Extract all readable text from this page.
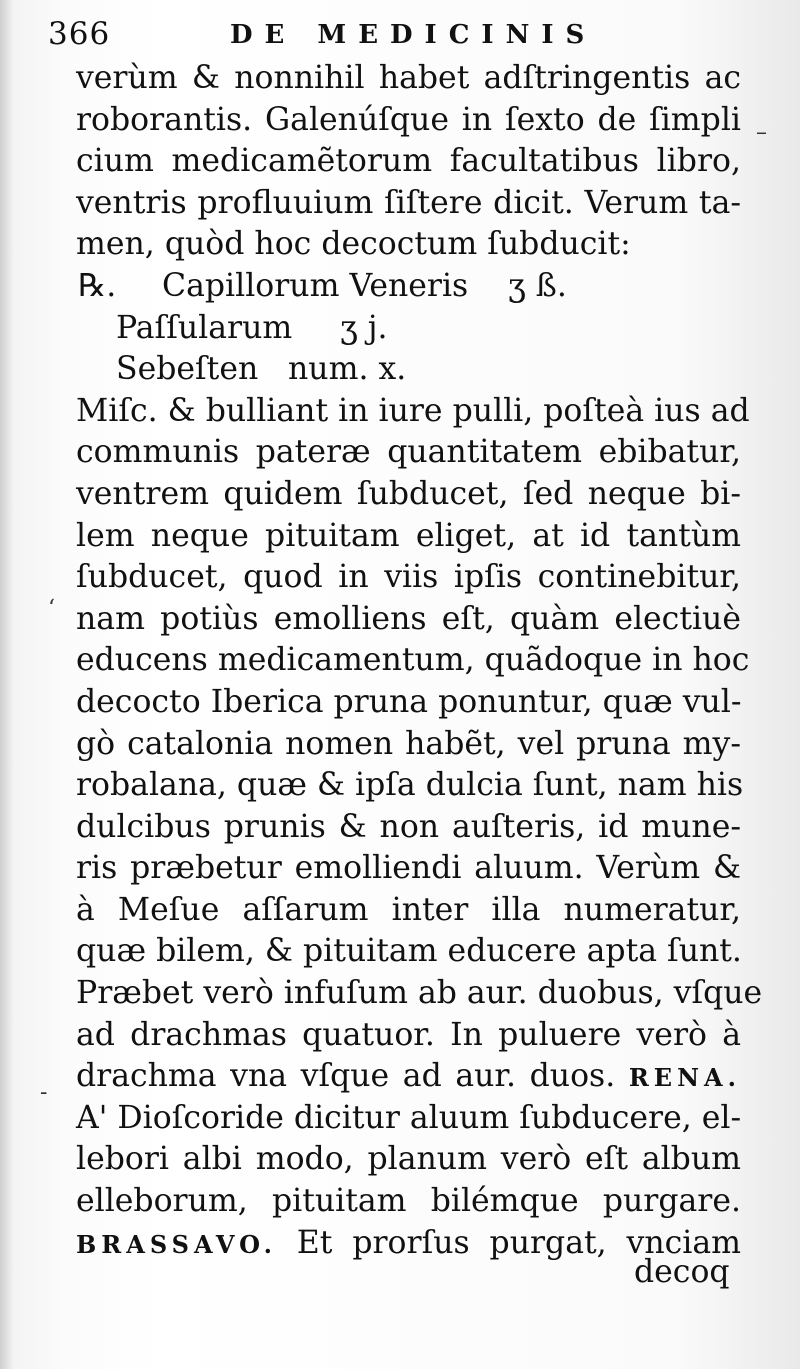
366	DE MEDICINIS
verùm & nonnihil habet adſtringentis ac
roborantis. Galenúſque in ſexto de ſimpli
cium medicamẽtorum facultatibus libro,
ventris profluuium ſiſtere dicit. Verum ta-
men, quòd hoc decoctum ſubducit:
℞. Capillorum Veneris ʒ ß.
Paſſularum ʒ j.
Sebeſten num. x.
Miſc. & bulliant in iure pulli, poſteà ius ad
communis pateræ quantitatem ebibatur,
ventrem quidem ſubducet, ſed neque bi-
lem neque pituitam eliget, at id tantùm
ſubducet, quod in viis ipſis continebitur,
nam potiùs emolliens eſt, quàm electiuè
educens medicamentum, quãdoque in hoc
decocto Iberica pruna ponuntur, quæ vul-
gò catalonia nomen habẽt, vel pruna my-
robalana, quæ & ipſa dulcia ſunt, nam his
dulcibus prunis & non auſteris, id mune-
ris præbetur emolliendi aluum. Verùm &
à Meſue aſſarum inter illa numeratur,
quæ bilem, & pituitam educere apta ſunt.
Præbet verò infuſum ab aur. duobus, vſque
ad drachmas quatuor. In puluere verò à
drachma vna vſque ad aur. duos. RENA.
A' Dioſcoride dicitur aluum ſubducere, el-
lebori albi modo, planum verò eſt album
elleborum, pituitam bilémque purgare.
BRASSAVO. Et prorſus purgat, vnciam
decoq
–
ʻ
-
